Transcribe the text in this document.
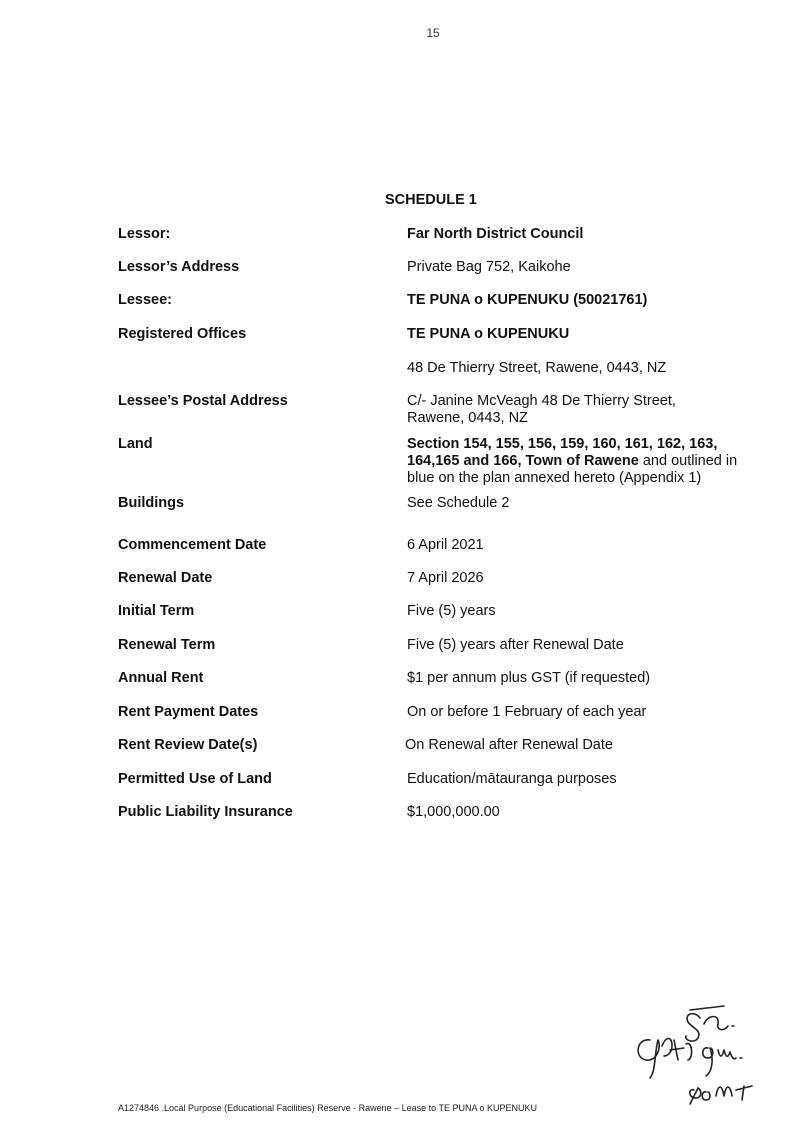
15
SCHEDULE 1
Lessor:	Far North District Council
Lessor’s Address	Private Bag 752, Kaikohe
Lessee:	TE PUNA o KUPENUKU (50021761)
Registered Offices	TE PUNA o KUPENUKU
48 De Thierry Street, Rawene, 0443, NZ
Lessee’s Postal Address	C/- Janine McVeagh 48 De Thierry Street, Rawene, 0443, NZ
Land	Section 154, 155, 156, 159, 160, 161, 162, 163, 164,165 and 166, Town of Rawene and outlined in blue on the plan annexed hereto (Appendix 1)
Buildings	See Schedule 2
Commencement Date	6 April 2021
Renewal Date	7 April 2026
Initial Term	Five (5) years
Renewal Term	Five (5) years after Renewal Date
Annual Rent	$1 per annum plus GST (if requested)
Rent Payment Dates	On or before 1 February of each year
Rent Review Date(s)	On Renewal after Renewal Date
Permitted Use of Land	Education/mātauranga purposes
Public Liability Insurance	$1,000,000.00
A1274846 .Local Purpose (Educational Facilities) Reserve - Rawene – Lease to TE PUNA o KUPENUKU
